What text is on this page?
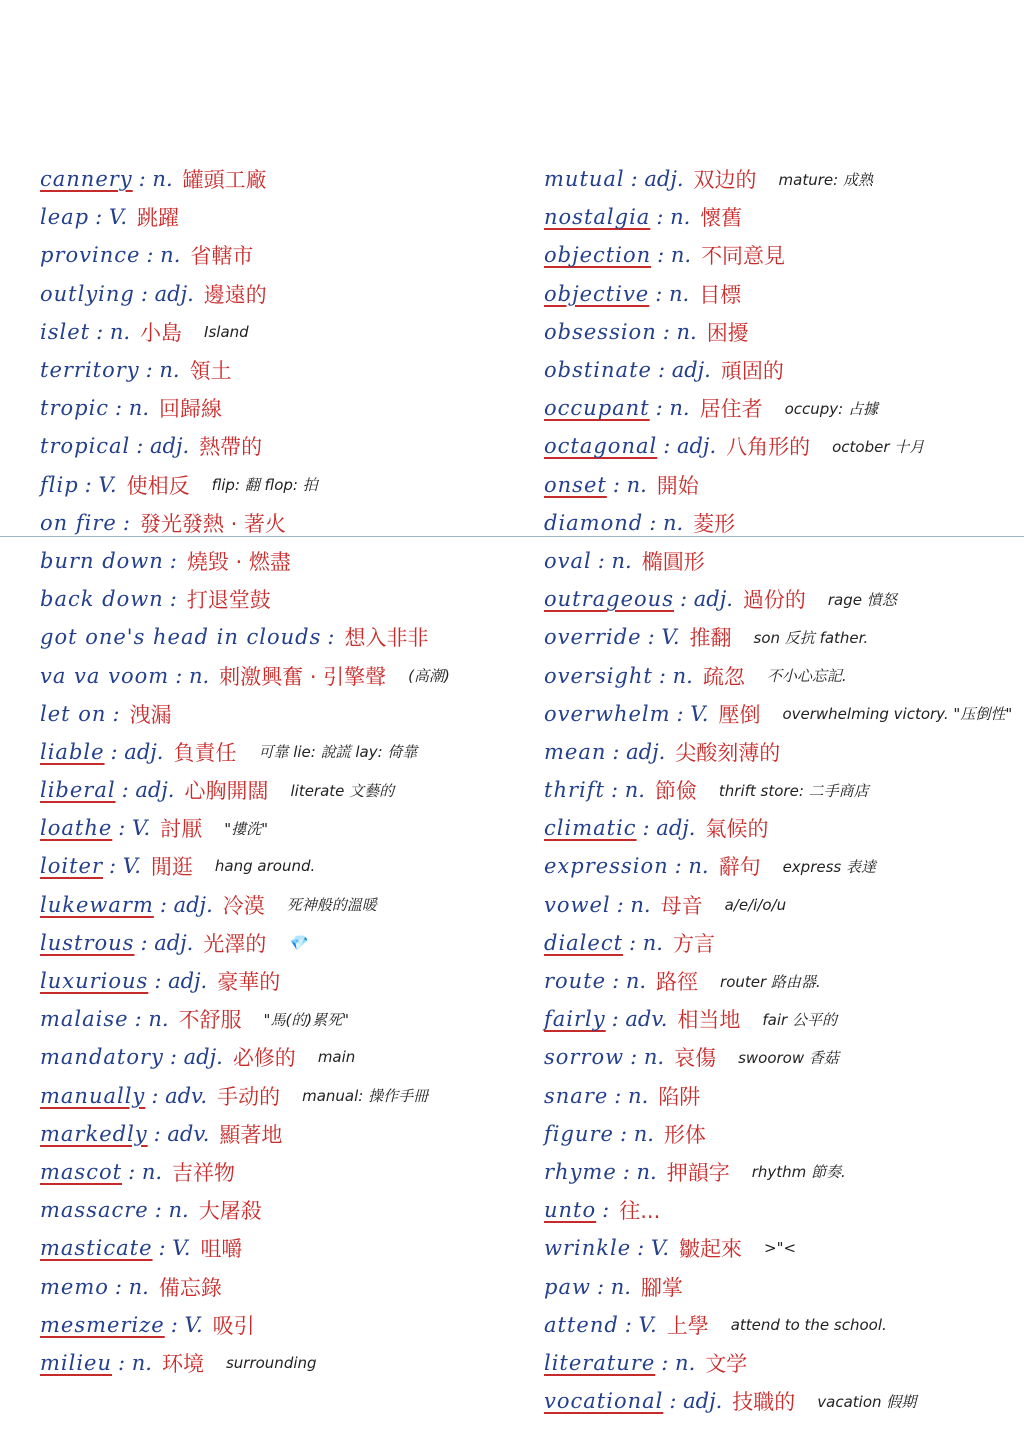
cannery : n. 罐頭工廠
leap : V. 跳躍
province : n. 省轄市
outlying : adj. 邊遠的
islet : n. 小島 Island
territory : n. 領土
tropic : n. 回歸線
tropical : adj. 熱帶的
flip : V. 使相反 flip: 翻 flop: 拍
on fire : 發光發熱 · 著火
burn down : 燒毀 · 燃盡
back down : 打退堂鼓
got one's head in clouds : 想入非非
va va voom : n. 刺激興奮 · 引擎聲 (高潮)
let on : 洩漏
liable : adj. 負責任 可靠 lie: 說謊 lay: 倚靠
liberal : adj. 心胸開闊 literate 文藝的
loathe : V. 討厭 "摟洗"
loiter : V. 閒逛 hang around.
lukewarm : adj. 冷漠 死神般的溫暖
lustrous : adj. 光澤的 💎
luxurious : adj. 豪華的
malaise : n. 不舒服 "馬(的)累死"
mandatory : adj. 必修的 main
manually : adv. 手动的 manual: 操作手冊
markedly : adv. 顯著地
mascot : n. 吉祥物
massacre : n. 大屠殺
masticate : V. 咀嚼
memo : n. 備忘錄
mesmerize : V. 吸引
milieu : n. 环境 surrounding
mutual : adj. 双边的 mature: 成熟
nostalgia : n. 懷舊
objection : n. 不同意見
objective : n. 目標
obsession : n. 困擾
obstinate : adj. 頑固的
occupant : n. 居住者 occupy: 占據
octagonal : adj. 八角形的 october 十月
onset : n. 開始
diamond : n. 菱形
oval : n. 橢圓形
outrageous : adj. 過份的 rage 憤怒
override : V. 推翻 son 反抗 father.
oversight : n. 疏忽 不小心忘記.
overwhelm : V. 壓倒 overwhelming victory. "压倒性"
mean : adj. 尖酸刻薄的
thrift : n. 節儉 thrift store: 二手商店
climatic : adj. 氣候的
expression : n. 辭句 express 表達
vowel : n. 母音 a/e/i/o/u
dialect : n. 方言
route : n. 路徑 router 路由器.
fairly : adv. 相当地 fair 公平的
sorrow : n. 哀傷 swoorow 香菇
snare : n. 陷阱
figure : n. 形体
rhyme : n. 押韻字 rhythm 節奏.
unto : 往...
wrinkle : V. 皺起來 >"<
paw : n. 腳掌
attend : V. 上學 attend to the school.
literature : n. 文学
vocational : adj. 技職的 vacation 假期
